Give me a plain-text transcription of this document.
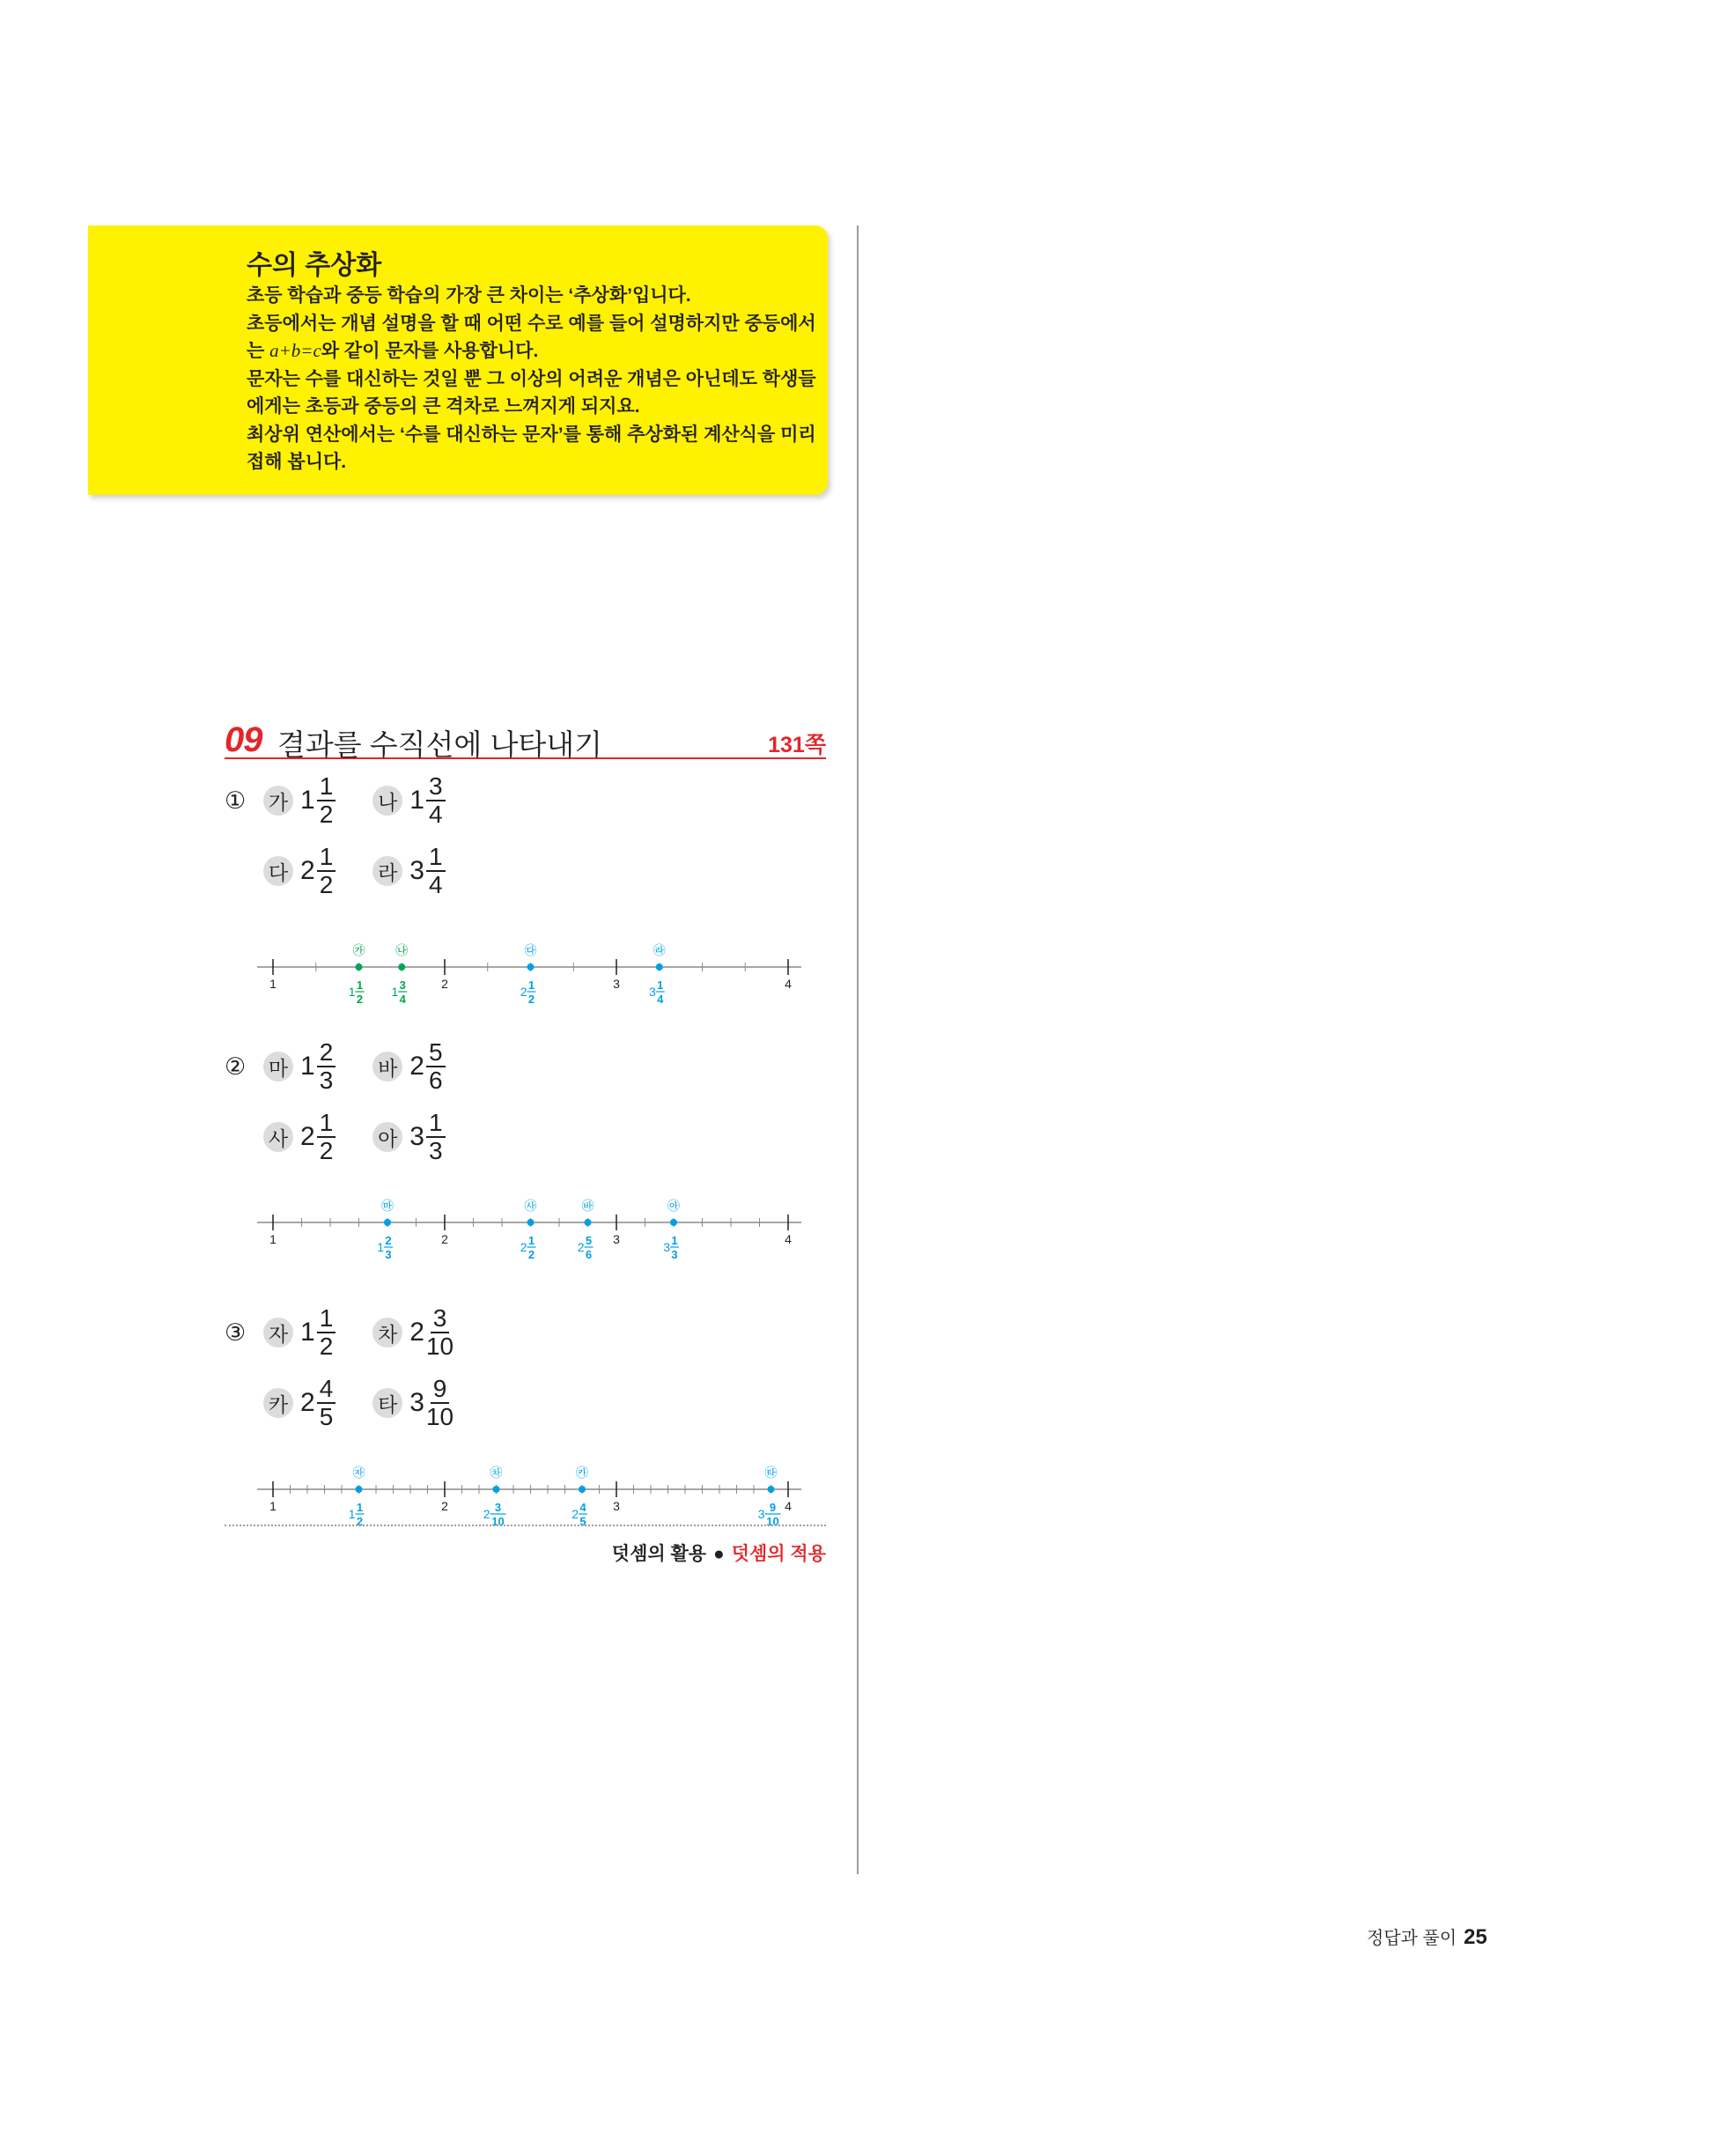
수의 추상화
초등 학습과 중등 학습의 가장 큰 차이는 ‘추상화’입니다.
초등에서는 개념 설명을 할 때 어떤 수로 예를 들어 설명하지만 중등에서
는 a+b=c와 같이 문자를 사용합니다.
문자는 수를 대신하는 것일 뿐 그 이상의 어려운 개념은 아닌데도 학생들
에게는 초등과 중등의 큰 격차로 느껴지게 되지요.
최상위 연산에서는 ‘수를 대신하는 문자’를 통해 추상화된 계산식을 미리
접해 봅니다.
09 결과를 수직선에 나타내기	131쪽
①	가 $1 \frac{1}{2}$ 나 $1 \frac{3}{4}$
다 $2 \frac{1}{2}$ 라 $3 \frac{1}{4}$
②	마 $1 \frac{2}{3}$ 바 $2 \frac{5}{6}$
사 $2 \frac{1}{2}$ 아 $3 \frac{1}{3}$
③	자 $1 \frac{1}{2}$ 차 $2 \frac{3}{10}$
카 $2 \frac{4}{5}$ 타 $3 \frac{9}{10}$
1	2	3	4
㉮
1 1
2
㉯
1 3
4
㉰
2 1
2
㉱
3 1
4
1	2	3	4
㉲
1 2
3
㉴
2 1
2
㉳
2 5
6
㉵
3 1
3
1	2	3	4
㉶
1 1
2
㉷
2 3
10
㉸
2 4
5
㉹
3 9
10
덧셈의 활용 ● 덧셈의 적용
정답과 풀이 25
